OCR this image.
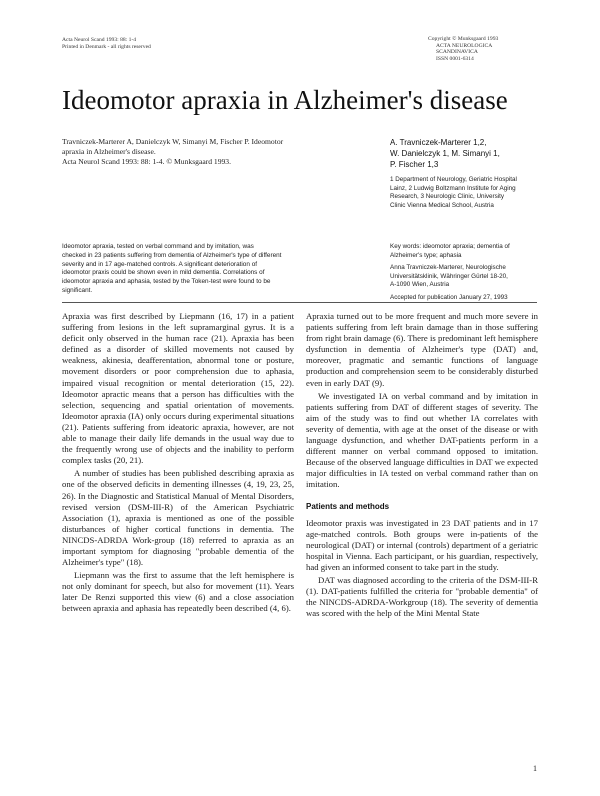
Acta Neurol Scand 1993: 88: 1-4
Printed in Denmark - all rights reserved
Copyright © Munksgaard 1993
ACTA NEUROLOGICA
SCANDINAVICA
ISSN 0001-6314
Ideomotor apraxia in Alzheimer's disease
Travniczek-Marterer A, Danielczyk W, Simanyi M, Fischer P. Ideomotor
apraxia in Alzheimer's disease.
Acta Neurol Scand 1993: 88: 1-4. © Munksgaard 1993.
A. Travniczek-Marterer 1,2,
W. Danielczyk 1, M. Simanyi 1,
P. Fischer 1,3
1 Department of Neurology, Geriatric Hospital
Lainz, 2 Ludwig Boltzmann Institute for Aging
Research, 3 Neurologic Clinic, University
Clinic Vienna Medical School, Austria
Ideomotor apraxia, tested on verbal command and by imitation, was
checked in 23 patients suffering from dementia of Alzheimer's type of different
severity and in 17 age-matched controls. A significant deterioration of
ideomotor praxis could be shown even in mild dementia. Correlations of
ideomotor apraxia and aphasia, tested by the Token-test were found to be
significant.

Key words: ideomotor apraxia; dementia of
Alzheimer's type; aphasia

Anna Travniczek-Marterer, Neurologische
Universitätsklinik, Währinger Gürtel 18-20,
A-1090 Wien, Austria

Accepted for publication January 27, 1993

Apraxia was first described by Liepmann (16, 17) in a patient suffering from lesions in the left supramarginal gyrus. It is a deficit only observed in the human race (21). Apraxia has been defined as a disorder of skilled movements not caused by weakness, akinesia, deafferentation, abnormal tone or posture, movement disorders or poor comprehension due to aphasia, impaired visual recognition or mental deterioration (15, 22). Ideomotor apractic means that a person has difficulties with the selection, sequencing and spatial orientation of movements. Ideomotor apraxia (IA) only occurs during experimental situations (21). Patients suffering from ideatoric apraxia, however, are not able to manage their daily life demands in the usual way due to the frequently wrong use of objects and the inability to perform complex tasks (20, 21).

A number of studies has been published describing apraxia as one of the observed deficits in dementing illnesses (4, 19, 23, 25, 26). In the Diagnostic and Statistical Manual of Mental Disorders, revised version (DSM-III-R) of the American Psychiatric Association (1), apraxia is mentioned as one of the possible disturbances of higher cortical functions in dementia. The NINCDS-ADRDA Work-group (18) referred to apraxia as an important symptom for diagnosing "probable dementia of the Alzheimer's type" (18).

Liepmann was the first to assume that the left hemisphere is not only dominant for speech, but also for movement (11). Years later De Renzi supported this view (6) and a close association between apraxia and aphasia has repeatedly been described (4, 6).

Apraxia turned out to be more frequent and much more severe in patients suffering from left brain damage than in those suffering from right brain damage (6). There is predominant left hemisphere dysfunction in dementia of Alzheimer's type (DAT) and, moreover, pragmatic and semantic functions of language production and comprehension seem to be considerably disturbed even in early DAT (9).

We investigated IA on verbal command and by imitation in patients suffering from DAT of different stages of severity. The aim of the study was to find out whether IA correlates with severity of dementia, with age at the onset of the disease or with language dysfunction, and whether DAT-patients perform in a different manner on verbal command opposed to imitation. Because of the observed language difficulties in DAT we expected major difficulties in IA tested on verbal command rather than on imitation.

Patients and methods

Ideomotor praxis was investigated in 23 DAT patients and in 17 age-matched controls. Both groups were in-patients of the neurological (DAT) or internal (controls) department of a geriatric hospital in Vienna. Each participant, or his guardian, respectively, had given an informed consent to take part in the study.

DAT was diagnosed according to the criteria of the DSM-III-R (1). DAT-patients fulfilled the criteria for "probable dementia" of the NINCDS-ADRDA-Workgroup (18). The severity of dementia was scored with the help of the Mini Mental State

1
